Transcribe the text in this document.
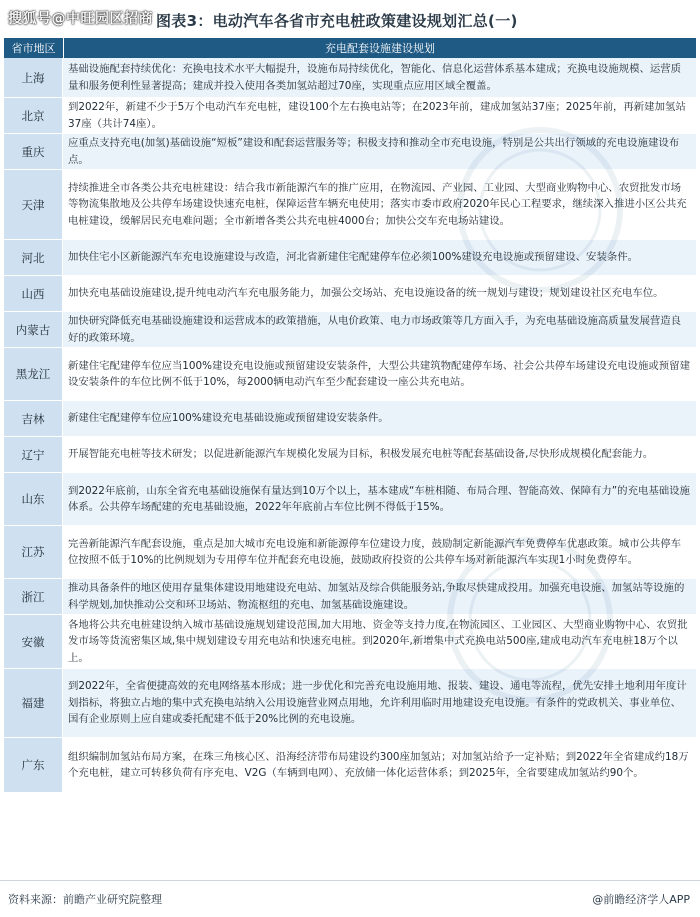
搜狐号@中旺园区招商 图表3：电动汽车各省市充电桩政策建设规划汇总(一)
省市地区	充电配套设施建设规划
上海
基础设施配套持续优化：充换电技术水平大幅提升，设施布局持续优化，智能化、信息化运营体系基本建成；充换电设施规模、运营质量和服务便利性显著提高；建成并投入使用各类加氢站超过70座，实现重点应用区域全覆盖。
北京
到2022年，新建不少于5万个电动汽车充电桩，建设100个左右换电站等；在2023年前，建成加氢站37座；2025年前，再新建加氢站37座（共计74座）。
重庆
应重点支持充电(加氢)基础设施“短板”建设和配套运营服务等；积极支持和推动全市充电设施，特别是公共出行领域的充电设施建设布点。
天津
持续推进全市各类公共充电桩建设：结合我市新能源汽车的推广应用，在物流园、产业园、工业园、大型商业购物中心、农贸批发市场等物流集散地及公共停车场建设快速充电桩，保障运营车辆充电使用；落实市委市政府2020年民心工程要求，继续深入推进小区公共充电桩建设，缓解居民充电难问题；全市新增各类公共充电桩4000台；加快公交车充电场站建设。
河北	加快住宅小区新能源汽车充电设施建设与改造，河北省新建住宅配建停车位必须100%建设充电设施或预留建设、安装条件。
山西	加快充电基础设施建设,提升纯电动汽车充电服务能力，加强公交场站、充电设施设备的统一规划与建设；规划建设社区充电车位。
内蒙古
加快研究降低充电基础设施建设和运营成本的政策措施，从电价政策、电力市场政策等几方面入手，为充电基础设施高质量发展营造良好的政策环境。
黑龙江
新建住宅配建停车位应当100%建设充电设施或预留建设安装条件，大型公共建筑物配建停车场、社会公共停车场建设充电设施或预留建设安装条件的车位比例不低于10%，每2000辆电动汽车至少配套建设一座公共充电站。
吉林	新建住宅配建停车位应100%建设充电基础设施或预留建设安装条件。
辽宁	开展智能充电桩等技术研发；以促进新能源汽车规模化发展为目标，积极发展充电桩等配套基础设备,尽快形成规模化配套能力。
山东
到2022年底前，山东全省充电基础设施保有量达到10万个以上，基本建成“车桩相随、布局合理、智能高效、保障有力”的充电基础设施体系。公共停车场配建的充电基础设施，2022年年底前占车位比例不得低于15%。
江苏
完善新能源汽车配套设施，重点是加大城市充电设施和新能源停车位建设力度，鼓励制定新能源汽车免费停车优惠政策。城市公共停车位按照不低于10%的比例规划为专用停车位并配套充电设施，鼓励政府投资的公共停车场对新能源汽车实现1小时免费停车。
浙江
推动具备条件的地区使用存量集体建设用地建设充电站、加氢站及综合供能服务站,争取尽快建成投用。加强充电设施、加氢站等设施的科学规划,加快推动公交和环卫场站、物流枢纽的充电、加氢基础设施建设。
安徽
各地将公共充电桩建设纳入城市基础设施规划建设范围,加大用地、资金等支持力度,在物流园区、工业园区、大型商业购物中心、农贸批发市场等货流密集区域,集中规划建设专用充电站和快速充电桩。到2020年,新增集中式充换电站500座,建成电动汽车充电桩18万个以上。
福建
到2022年，全省便捷高效的充电网络基本形成；进一步优化和完善充电设施用地、报装、建设、通电等流程，优先安排土地利用年度计划指标，将独立占地的集中式充换电站纳入公用设施营业网点用地，允许利用临时用地建设充电设施。有条件的党政机关、事业单位、国有企业原则上应自建或委托配建不低于20%比例的充电设施。
广东
组织编制加氢站布局方案，在珠三角核心区、沿海经济带布局建设约300座加氢站；对加氢站给予一定补贴；到2022年全省建成约18万个充电桩，建立可转移负荷有序充电、V2G（车辆到电网）、充放储一体化运营体系；到2025年，全省要建成加氢站约90个。
资料来源：前瞻产业研究院整理	@前瞻经济学人APP
